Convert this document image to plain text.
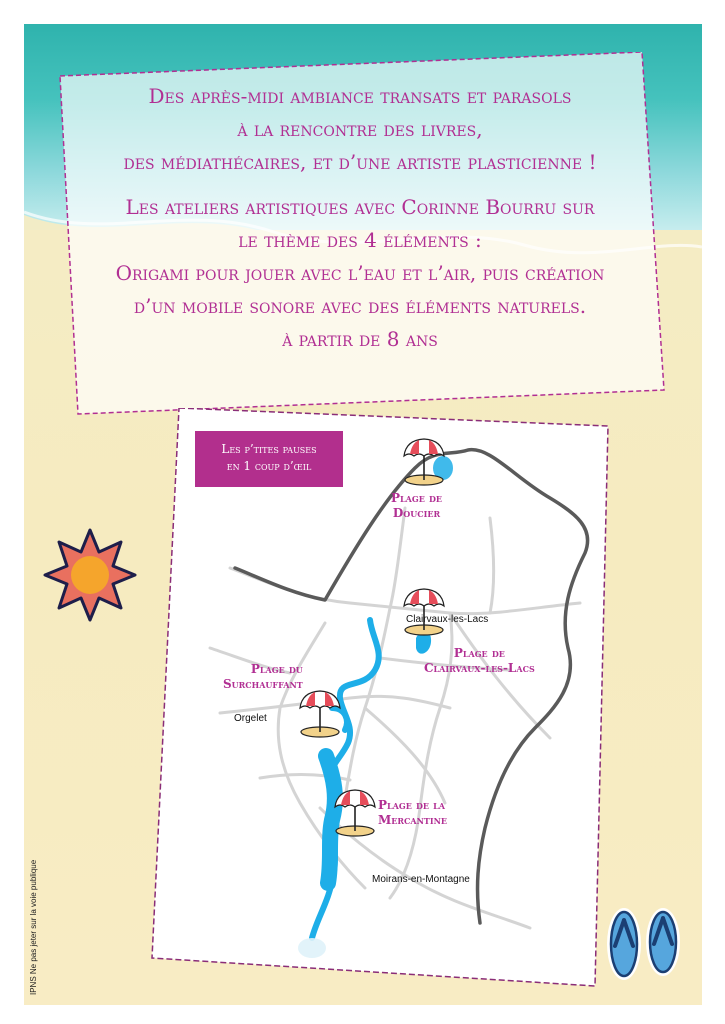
Des après-midi ambiance transats et parasols
à la rencontre des livres,
des médiathécaires, et d’une artiste plasticienne !
Les ateliers artistiques avec Corinne Bourru sur
le thème des 4 éléments :
Origami pour jouer avec l’eau et l’air, puis création
d’un mobile sonore avec des éléments naturels.
à partir de 8 ans
Les p’tites pauses
en 1 coup d’œil
Plage de
Doucier
Plage de
Clairvaux-les-Lacs
Plage du
Surchauffant
Plage de la
Mercantine
Clairvaux-les-Lacs
Orgelet
Moirans-en-Montagne
IPNS Ne pas jeter sur la voie publique
